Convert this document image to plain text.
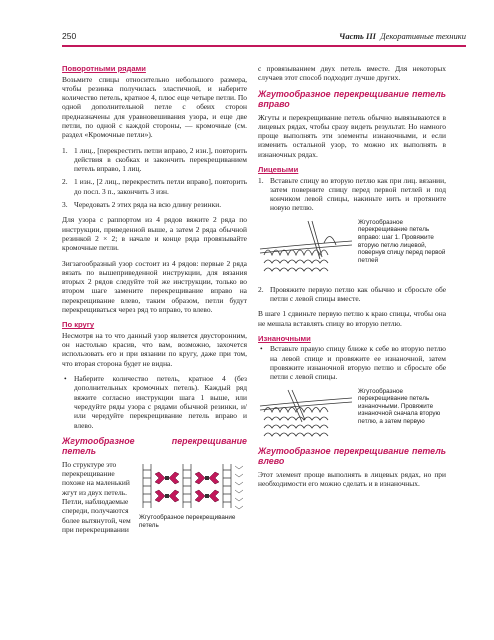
250	Часть III Декоративные техники
Поворотными рядами

Возьмите спицы относительно небольшого размера, чтобы резинка получилась эластичной, и наберите количество петель, кратное 4, плюс еще четыре петли. По одной дополнительной петле с обеих сторон предназначены для уравновешивания узора, и еще две петли, по одной с каждой стороны, — кромочные (см. раздел «Кромочные петли»).

1. 1 лиц., [перекрестить петли вправо, 2 изн.], повторить действия в скобках и закончить перекрещиванием петель вправо, 1 лиц.
2. 1 изн., [2 лиц., перекрестить петли вправо], повторить до посл. 3 п., закончить 3 изн.
3. Чередовать 2 этих ряда на всю длину резинки.

Для узора с раппортом из 4 рядов вяжите 2 ряда по инструкции, приведенной выше, а затем 2 ряда обычной резинкой 2 × 2; в начале и конце ряда провязывайте кромочные петли.

Зигзагообразный узор состоит из 4 рядов: первые 2 ряда вязать по вышеприведенной инструкции, для вязания вторых 2 рядов следуйте той же инструкции, только во втором шаге замените перекрещивание вправо на перекрещивание влево, таким образом, петли будут перекрещиваться через ряд то вправо, то влево.

По кругу

Несмотря на то что данный узор является двусторонним, он настолько красив, что вам, возможно, захочется использовать его и при вязании по кругу, даже при том, что вторая сторона будет не видна.

• Наберите количество петель, кратное 4 (без дополнительных кромочных петель). Каждый ряд вяжите согласно инструкции шага 1 выше, или чередуйте ряды узора с рядами обычной резинки, и/или чередуйте перекрещивание петель вправо и влево.
Жгутообразное перекрещивание петель

По структуре это перекрещивание похоже на маленький жгут из двух петель. Петли, наблюдаемые спереди, получаются более вытянутой, чем при перекрещивании

Жгутообразное перекрещивание петель

с провязыванием двух петель вместе. Для некоторых случаев этот способ подходит лучше других.

Жгутообразное перекрещивание петель вправо

Жгуты и перекрещивание петель обычно вывязываются в лицевых рядах, чтобы сразу видеть результат. Но намного проще выполнять эти элементы изнаночными, и если изменить остальной узор, то можно их выполнять в изнаночных рядах.

Лицевыми
1. Вставьте спицу во вторую петлю как при лиц. вязании, затем поверните спицу перед первой петлей и под кончиком левой спицы, накиньте нить и протяните новую петлю.
Жгутообразное перекрещивание петель вправо: шаг 1. Провяжите вторую петлю лицевой, повернув спицу перед первой петлей
2. Провяжите первую петлю как обычно и сбросьте обе петли с левой спицы вместе.

В шаге 1 сдвиньте первую петлю к краю спицы, чтобы она не мешала вставлять спицу во вторую петлю.

Изнаночными
• Вставьте правую спицу ближе к себе во вторую петлю на левой спице и провяжите ее изнаночной, затем провяжите изнаночной вторую петлю и сбросьте обе петли с левой спицы.
Жгутообразное перекрещивание петель изнаночными. Провяжите изнаночной сначала вторую петлю, а затем первую
Жгутообразное перекрещивание петель влево

Этот элемент проще выполнять в лицевых рядах, но при необходимости его можно сделать и в изнаночных.
